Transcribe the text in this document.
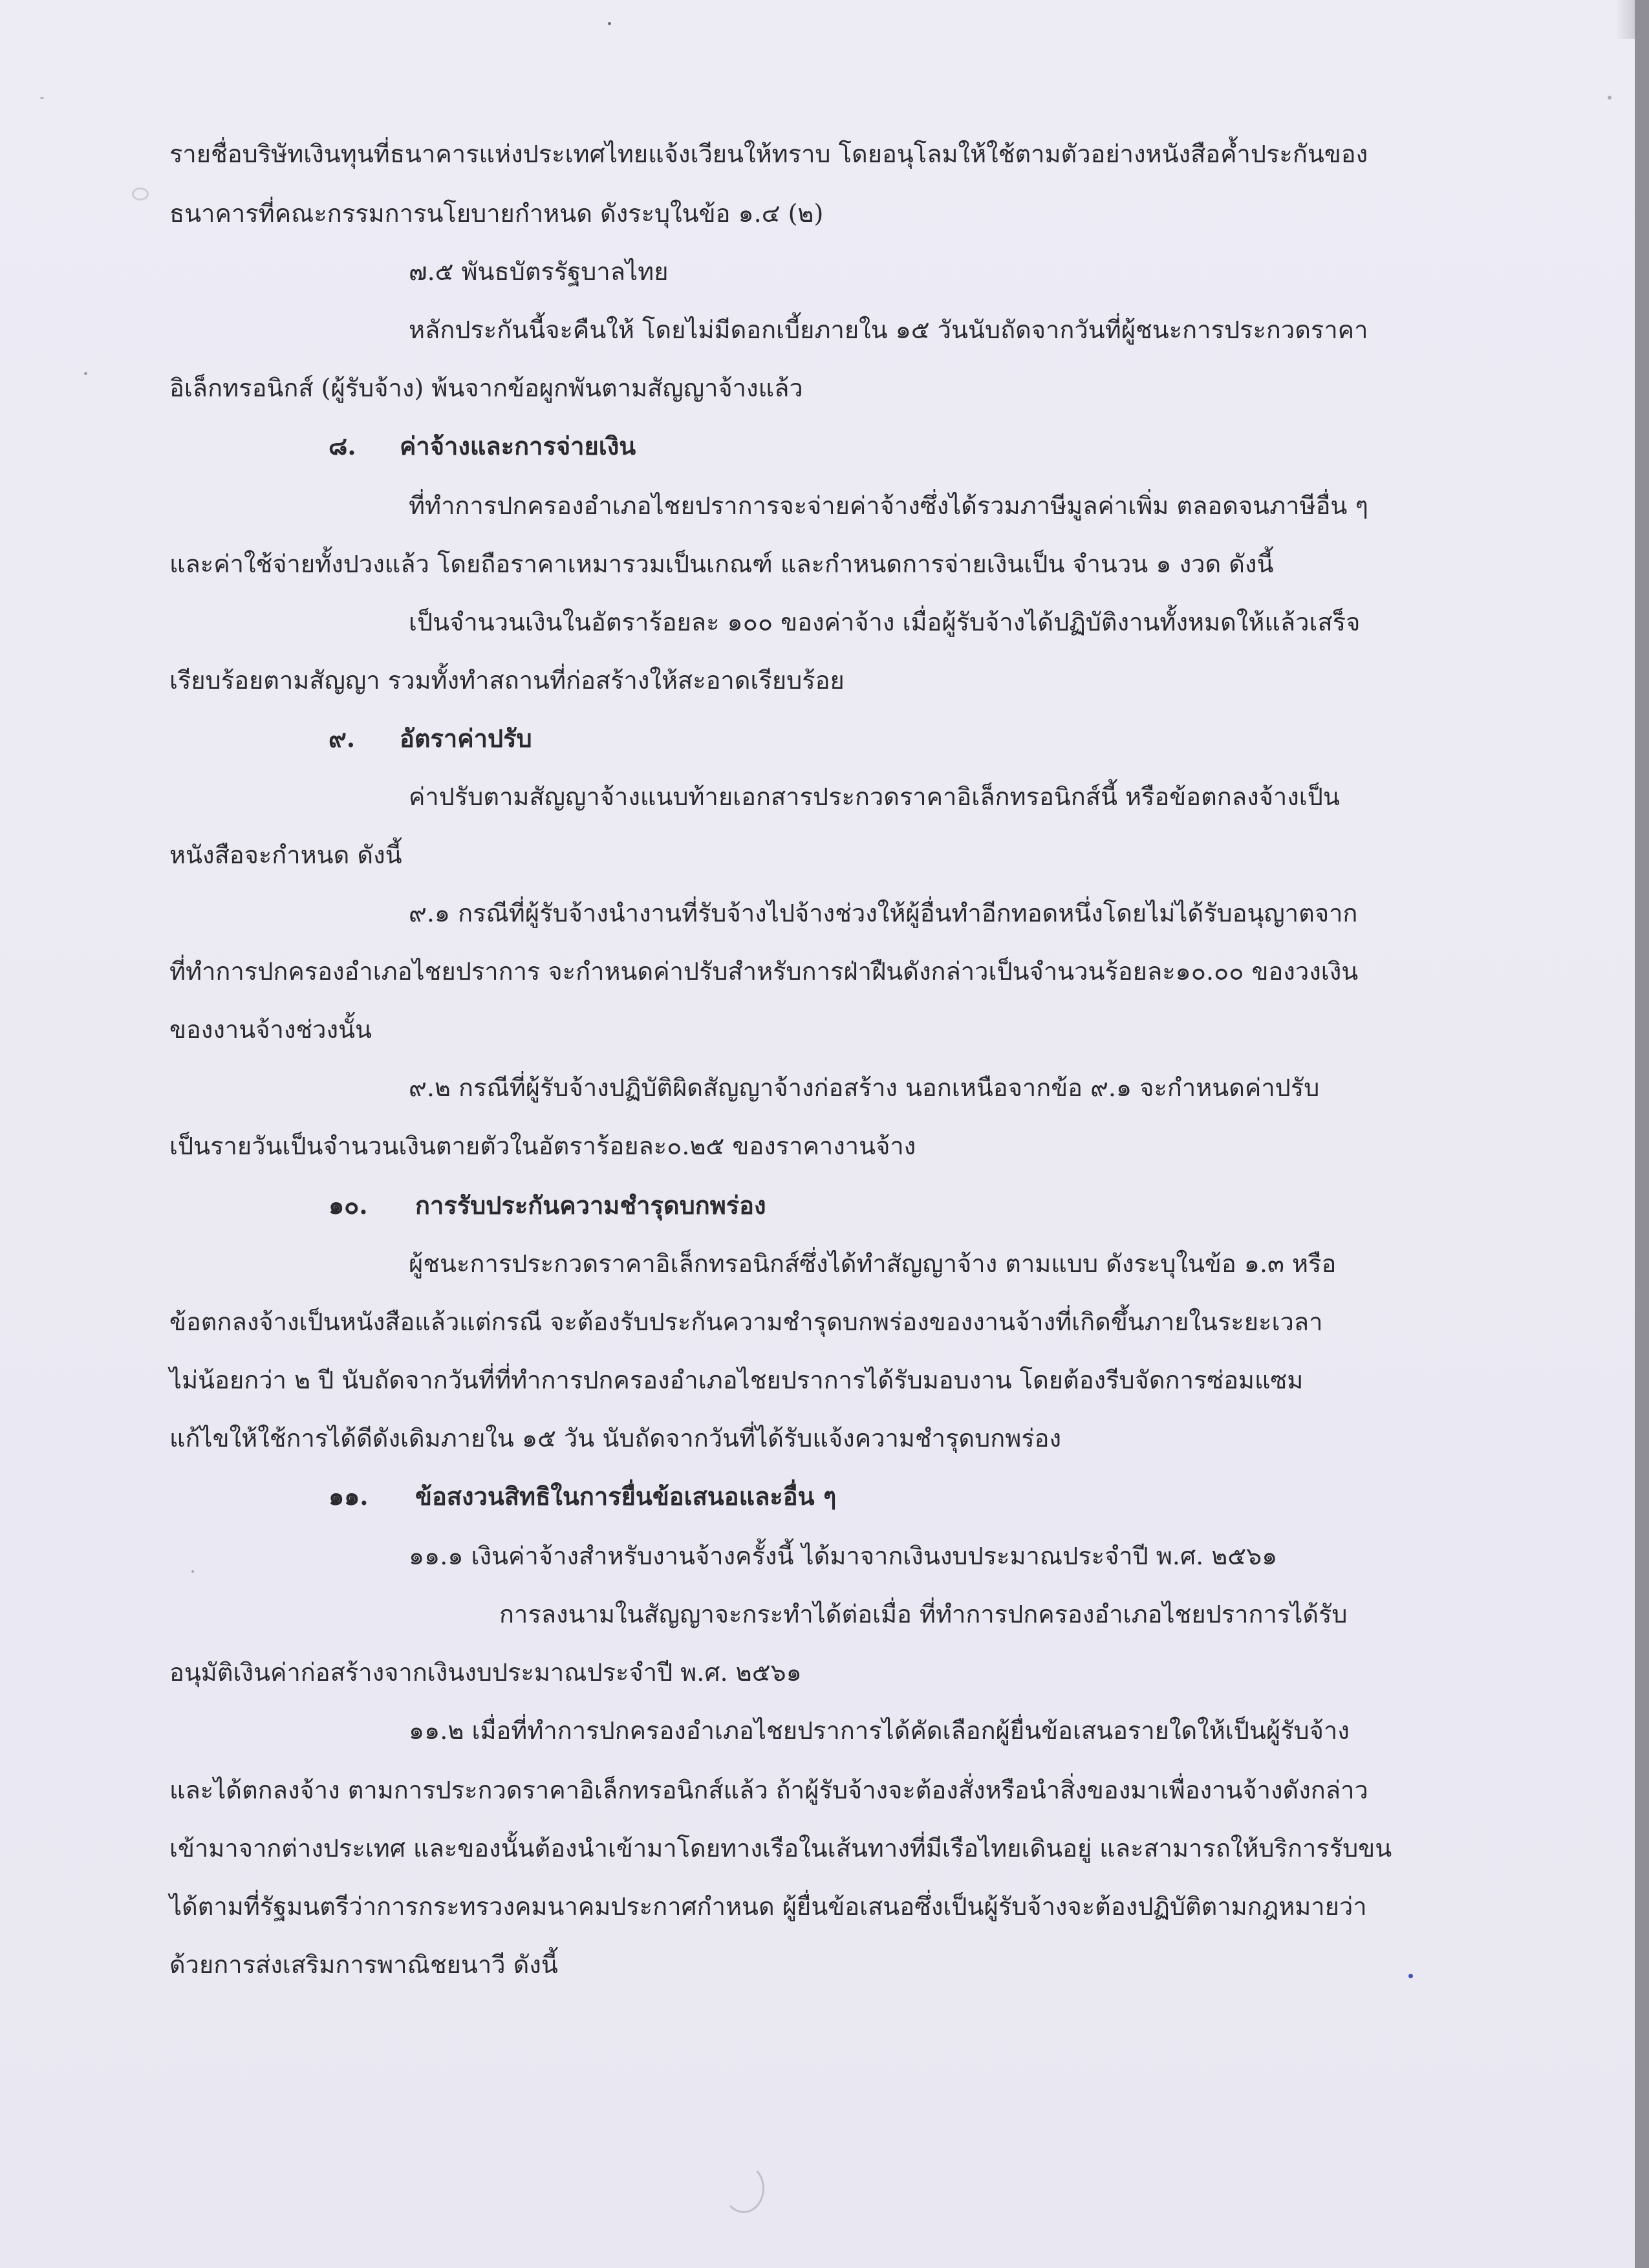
รายชื่อบริษัทเงินทุนที่ธนาคารแห่งประเทศไทยแจ้งเวียนให้ทราบ โดยอนุโลมให้ใช้ตามตัวอย่างหนังสือค้ำประกันของ
ธนาคารที่คณะกรรมการนโยบายกำหนด ดังระบุในข้อ ๑.๔ (๒)
๗.๕ พันธบัตรรัฐบาลไทย
หลักประกันนี้จะคืนให้ โดยไม่มีดอกเบี้ยภายใน ๑๕ วันนับถัดจากวันที่ผู้ชนะการประกวดราคา
อิเล็กทรอนิกส์ (ผู้รับจ้าง) พ้นจากข้อผูกพันตามสัญญาจ้างแล้ว
๘. ค่าจ้างและการจ่ายเงิน
ที่ทำการปกครองอำเภอไชยปราการจะจ่ายค่าจ้างซึ่งได้รวมภาษีมูลค่าเพิ่ม ตลอดจนภาษีอื่น ๆ
และค่าใช้จ่ายทั้งปวงแล้ว โดยถือราคาเหมารวมเป็นเกณฑ์ และกำหนดการจ่ายเงินเป็น จำนวน ๑ งวด ดังนี้
เป็นจำนวนเงินในอัตราร้อยละ ๑๐๐ ของค่าจ้าง เมื่อผู้รับจ้างได้ปฏิบัติงานทั้งหมดให้แล้วเสร็จ
เรียบร้อยตามสัญญา รวมทั้งทำสถานที่ก่อสร้างให้สะอาดเรียบร้อย
๙. อัตราค่าปรับ
ค่าปรับตามสัญญาจ้างแนบท้ายเอกสารประกวดราคาอิเล็กทรอนิกส์นี้ หรือข้อตกลงจ้างเป็น
หนังสือจะกำหนด ดังนี้
๙.๑ กรณีที่ผู้รับจ้างนำงานที่รับจ้างไปจ้างช่วงให้ผู้อื่นทำอีกทอดหนึ่งโดยไม่ได้รับอนุญาตจาก
ที่ทำการปกครองอำเภอไชยปราการ จะกำหนดค่าปรับสำหรับการฝ่าฝืนดังกล่าวเป็นจำนวนร้อยละ๑๐.๐๐ ของวงเงิน
ของงานจ้างช่วงนั้น
๙.๒ กรณีที่ผู้รับจ้างปฏิบัติผิดสัญญาจ้างก่อสร้าง นอกเหนือจากข้อ ๙.๑ จะกำหนดค่าปรับ
เป็นรายวันเป็นจำนวนเงินตายตัวในอัตราร้อยละ๐.๒๕ ของราคางานจ้าง
๑๐. การรับประกันความชำรุดบกพร่อง
ผู้ชนะการประกวดราคาอิเล็กทรอนิกส์ซึ่งได้ทำสัญญาจ้าง ตามแบบ ดังระบุในข้อ ๑.๓ หรือ
ข้อตกลงจ้างเป็นหนังสือแล้วแต่กรณี จะต้องรับประกันความชำรุดบกพร่องของงานจ้างที่เกิดขึ้นภายในระยะเวลา
ไม่น้อยกว่า ๒ ปี นับถัดจากวันที่ที่ทำการปกครองอำเภอไชยปราการได้รับมอบงาน โดยต้องรีบจัดการซ่อมแซม
แก้ไขให้ใช้การได้ดีดังเดิมภายใน ๑๕ วัน นับถัดจากวันที่ได้รับแจ้งความชำรุดบกพร่อง
๑๑. ข้อสงวนสิทธิในการยื่นข้อเสนอและอื่น ๆ
๑๑.๑ เงินค่าจ้างสำหรับงานจ้างครั้งนี้ ได้มาจากเงินงบประมาณประจำปี พ.ศ. ๒๕๖๑
การลงนามในสัญญาจะกระทำได้ต่อเมื่อ ที่ทำการปกครองอำเภอไชยปราการได้รับ
อนุมัติเงินค่าก่อสร้างจากเงินงบประมาณประจำปี พ.ศ. ๒๕๖๑
๑๑.๒ เมื่อที่ทำการปกครองอำเภอไชยปราการได้คัดเลือกผู้ยื่นข้อเสนอรายใดให้เป็นผู้รับจ้าง
และได้ตกลงจ้าง ตามการประกวดราคาอิเล็กทรอนิกส์แล้ว ถ้าผู้รับจ้างจะต้องสั่งหรือนำสิ่งของมาเพื่องานจ้างดังกล่าว
เข้ามาจากต่างประเทศ และของนั้นต้องนำเข้ามาโดยทางเรือในเส้นทางที่มีเรือไทยเดินอยู่ และสามารถให้บริการรับขน
ได้ตามที่รัฐมนตรีว่าการกระทรวงคมนาคมประกาศกำหนด ผู้ยื่นข้อเสนอซึ่งเป็นผู้รับจ้างจะต้องปฏิบัติตามกฎหมายว่า
ด้วยการส่งเสริมการพาณิชยนาวี ดังนี้
